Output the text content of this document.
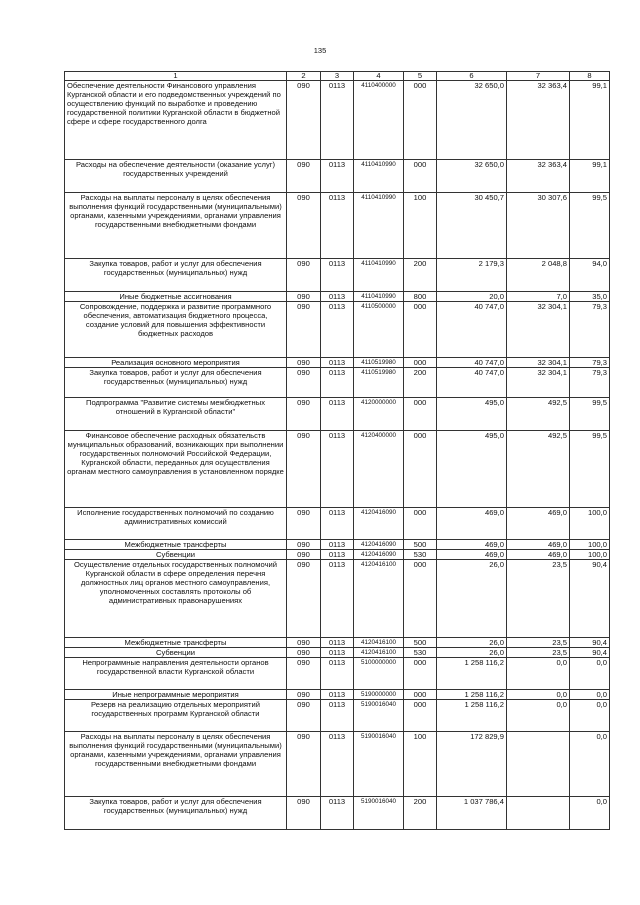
135
1	2	3	4	5	6	7	8
Обеспечение деятельности Финансового управления Курганской области и его подведомственных учреждений по осуществлению функций по выработке и проведению государственной политики Курганской области в бюджетной сфере и сфере государственного долга	090	0113	4110400000	000	32 650,0	32 363,4	99,1
Расходы на обеспечение деятельности (оказание услуг) государственных учреждений	090	0113	4110410990	000	32 650,0	32 363,4	99,1
Расходы на выплаты персоналу в целях обеспечения выполнения функций государственными (муниципальными) органами, казенными учреждениями, органами управления государственными внебюджетными фондами	090	0113	4110410990	100	30 450,7	30 307,6	99,5
Закупка товаров, работ и услуг для обеспечения государственных (муниципальных) нужд	090	0113	4110410990	200	2 179,3	2 048,8	94,0
Иные бюджетные ассигнования	090	0113	4110410990	800	20,0	7,0	35,0
Сопровождение, поддержка и развитие программного обеспечения, автоматизация бюджетного процесса, создание условий для повышения эффективности бюджетных расходов	090	0113	4110500000	000	40 747,0	32 304,1	79,3
Реализация основного мероприятия	090	0113	4110519980	000	40 747,0	32 304,1	79,3
Закупка товаров, работ и услуг для обеспечения государственных (муниципальных) нужд	090	0113	4110519980	200	40 747,0	32 304,1	79,3
Подпрограмма "Развитие системы межбюджетных отношений в Курганской области"	090	0113	4120000000	000	495,0	492,5	99,5
Финансовое обеспечение расходных обязательств муниципальных образований, возникающих при выполнении государственных полномочий Российской Федерации, Курганской области, переданных для осуществления органам местного самоуправления в установленном порядке	090	0113	4120400000	000	495,0	492,5	99,5
Исполнение государственных полномочий по созданию административных комиссий	090	0113	4120416090	000	469,0	469,0	100,0
Межбюджетные трансферты	090	0113	4120416090	500	469,0	469,0	100,0
Субвенции	090	0113	4120416090	530	469,0	469,0	100,0
Осуществление отдельных государственных полномочий Курганской области в сфере определения перечня должностных лиц органов местного самоуправления, уполномоченных составлять протоколы об административных правонарушениях	090	0113	4120416100	000	26,0	23,5	90,4
Межбюджетные трансферты	090	0113	4120416100	500	26,0	23,5	90,4
Субвенции	090	0113	4120416100	530	26,0	23,5	90,4
Непрограммные направления деятельности органов государственной власти Курганской области	090	0113	5100000000	000	1 258 116,2	0,0	0,0
Иные непрограммные мероприятия	090	0113	5190000000	000	1 258 116,2	0,0	0,0
Резерв на реализацию отдельных мероприятий государственных программ Курганской области	090	0113	5190016040	000	1 258 116,2	0,0	0,0
Расходы на выплаты персоналу в целях обеспечения выполнения функций государственными (муниципальными) органами, казенными учреждениями, органами управления государственными внебюджетными фондами	090	0113	5190016040	100	172 829,9		0,0
Закупка товаров, работ и услуг для обеспечения государственных (муниципальных) нужд	090	0113	5190016040	200	1 037 786,4		0,0
